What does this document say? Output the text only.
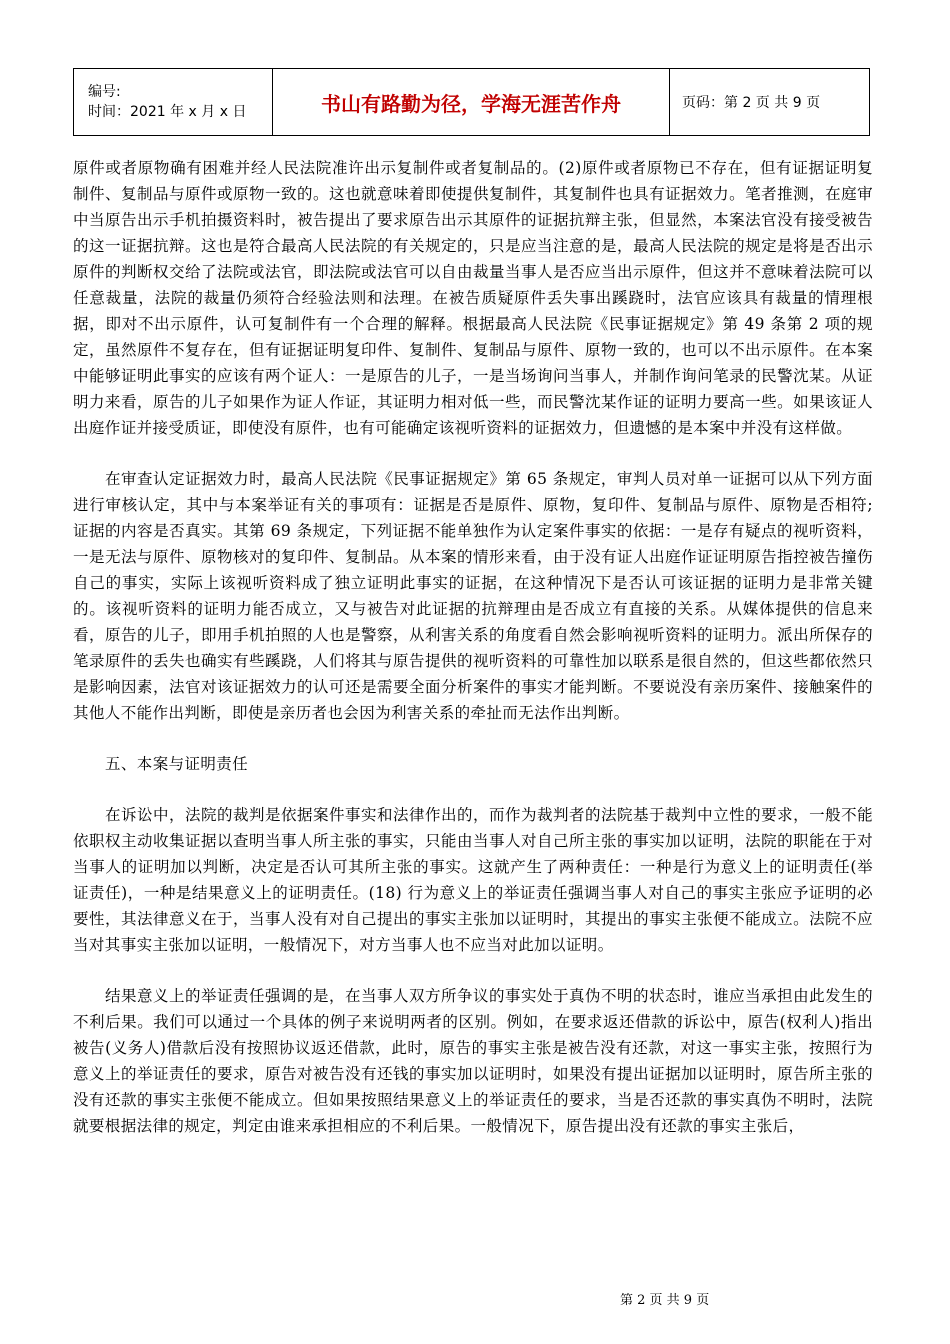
编号:
时间：2021 年 x 月 x 日	书山有路勤为径，学海无涯苦作舟	页码：第 2 页 共 9 页

原件或者原物确有困难并经人民法院准许出示复制件或者复制品的。(2)原件或者原物已不存在，但有证据证明复制件、复制品与原件或原物一致的。这也就意味着即使提供复制件，其复制件也具有证据效力。笔者推测，在庭审中当原告出示手机拍摄资料时，被告提出了要求原告出示其原件的证据抗辩主张，但显然，本案法官没有接受被告的这一证据抗辩。这也是符合最高人民法院的有关规定的，只是应当注意的是，最高人民法院的规定是将是否出示原件的判断权交给了法院或法官，即法院或法官可以自由裁量当事人是否应当出示原件，但这并不意味着法院可以任意裁量，法院的裁量仍须符合经验法则和法理。在被告质疑原件丢失事出蹊跷时，法官应该具有裁量的情理根据，即对不出示原件，认可复制件有一个合理的解释。根据最高人民法院《民事证据规定》第 49 条第 2 项的规定，虽然原件不复存在，但有证据证明复印件、复制件、复制品与原件、原物一致的，也可以不出示原件。在本案中能够证明此事实的应该有两个证人：一是原告的儿子，一是当场询问当事人，并制作询问笔录的民警沈某。从证明力来看，原告的儿子如果作为证人作证，其证明力相对低一些，而民警沈某作证的证明力要高一些。如果该证人出庭作证并接受质证，即使没有原件，也有可能确定该视听资料的证据效力，但遗憾的是本案中并没有这样做。

在审查认定证据效力时，最高人民法院《民事证据规定》第 65 条规定，审判人员对单一证据可以从下列方面进行审核认定，其中与本案举证有关的事项有：证据是否是原件、原物，复印件、复制品与原件、原物是否相符;证据的内容是否真实。其第 69 条规定，下列证据不能单独作为认定案件事实的依据：一是存有疑点的视听资料，一是无法与原件、原物核对的复印件、复制品。从本案的情形来看，由于没有证人出庭作证证明原告指控被告撞伤自己的事实，实际上该视听资料成了独立证明此事实的证据，在这种情况下是否认可该证据的证明力是非常关键的。该视听资料的证明力能否成立，又与被告对此证据的抗辩理由是否成立有直接的关系。从媒体提供的信息来看，原告的儿子，即用手机拍照的人也是警察，从利害关系的角度看自然会影响视听资料的证明力。派出所保存的笔录原件的丢失也确实有些蹊跷，人们将其与原告提供的视听资料的可靠性加以联系是很自然的，但这些都依然只是影响因素，法官对该证据效力的认可还是需要全面分析案件的事实才能判断。不要说没有亲历案件、接触案件的其他人不能作出判断，即使是亲历者也会因为利害关系的牵扯而无法作出判断。

五、本案与证明责任

在诉讼中，法院的裁判是依据案件事实和法律作出的，而作为裁判者的法院基于裁判中立性的要求，一般不能依职权主动收集证据以查明当事人所主张的事实，只能由当事人对自己所主张的事实加以证明，法院的职能在于对当事人的证明加以判断，决定是否认可其所主张的事实。这就产生了两种责任：一种是行为意义上的证明责任(举证责任)，一种是结果意义上的证明责任。(18) 行为意义上的举证责任强调当事人对自己的事实主张应予证明的必要性，其法律意义在于，当事人没有对自己提出的事实主张加以证明时，其提出的事实主张便不能成立。法院不应当对其事实主张加以证明，一般情况下，对方当事人也不应当对此加以证明。

结果意义上的举证责任强调的是，在当事人双方所争议的事实处于真伪不明的状态时，谁应当承担由此发生的不利后果。我们可以通过一个具体的例子来说明两者的区别。例如，在要求返还借款的诉讼中，原告(权利人)指出被告(义务人)借款后没有按照协议返还借款，此时，原告的事实主张是被告没有还款，对这一事实主张，按照行为意义上的举证责任的要求，原告对被告没有还钱的事实加以证明时，如果没有提出证据加以证明时，原告所主张的没有还款的事实主张便不能成立。但如果按照结果意义上的举证责任的要求，当是否还款的事实真伪不明时，法院就要根据法律的规定，判定由谁来承担相应的不利后果。一般情况下，原告提出没有还款的事实主张后，

第 2 页 共 9 页
